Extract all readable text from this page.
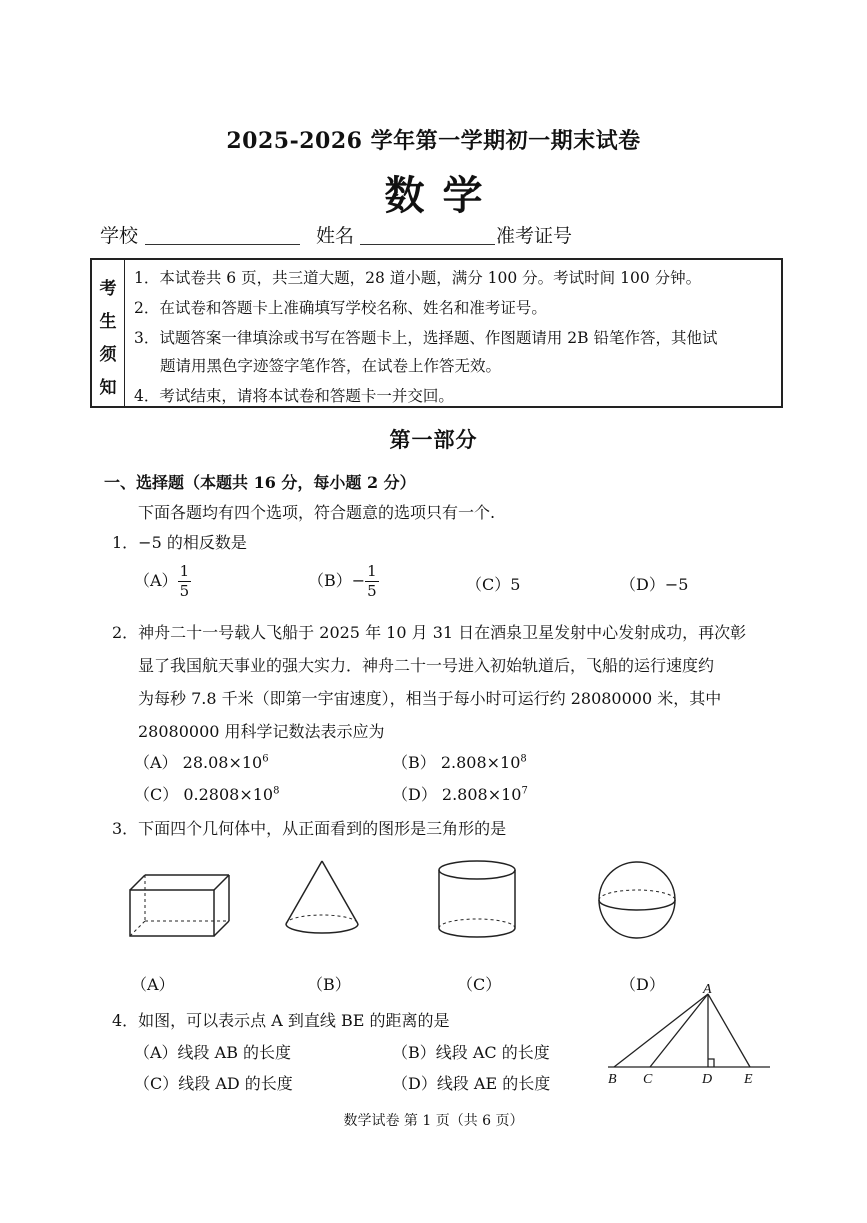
2025-2026 学年第一学期初一期末试卷
数学
学校	姓名	准考证号
考
生
须
知
1．本试卷共 6 页，共三道大题，28 道小题，满分 100 分。考试时间 100 分钟。
2．在试卷和答题卡上准确填写学校名称、姓名和准考证号。
3．试题答案一律填涂或书写在答题卡上，选择题、作图题请用 2B 铅笔作答，其他试
题请用黑色字迹签字笔作答，在试卷上作答无效。
4．考试结束，请将本试卷和答题卡一并交回。
第一部分
一、选择题（本题共 16 分，每小题 2 分）
下面各题均有四个选项，符合题意的选项只有一个.
1．−5 的相反数是
$(A) \frac{1}{5}$	$(B)- \frac{1}{5}$	（C）5	（D）−5
2．神舟二十一号载人飞船于 2025 年 10 月 31 日在酒泉卫星发射中心发射成功，再次彰
显了我国航天事业的强大实力．神舟二十一号进入初始轨道后，飞船的运行速度约
为每秒 7.8 千米（即第一宇宙速度），相当于每小时可运行约 28080000 米，其中
28080000 用科学记数法表示应为
（A） $28.08\times 10^6$	（B） $2.808\times 10^8$
（C） $0.2808\times 10^8$	（D） $2.808\times 10^7$
3．下面四个几何体中，从正面看到的图形是三角形的是
（A）	（B）	（C）	（D）
4．如图，可以表示点 A 到直线 BE 的距离的是
（A）线段 AB 的长度	（B）线段 AC 的长度
（C）线段 AD 的长度	（D）线段 AE 的长度
A
B C	D E
数学试卷 第 1 页（共 6 页）
